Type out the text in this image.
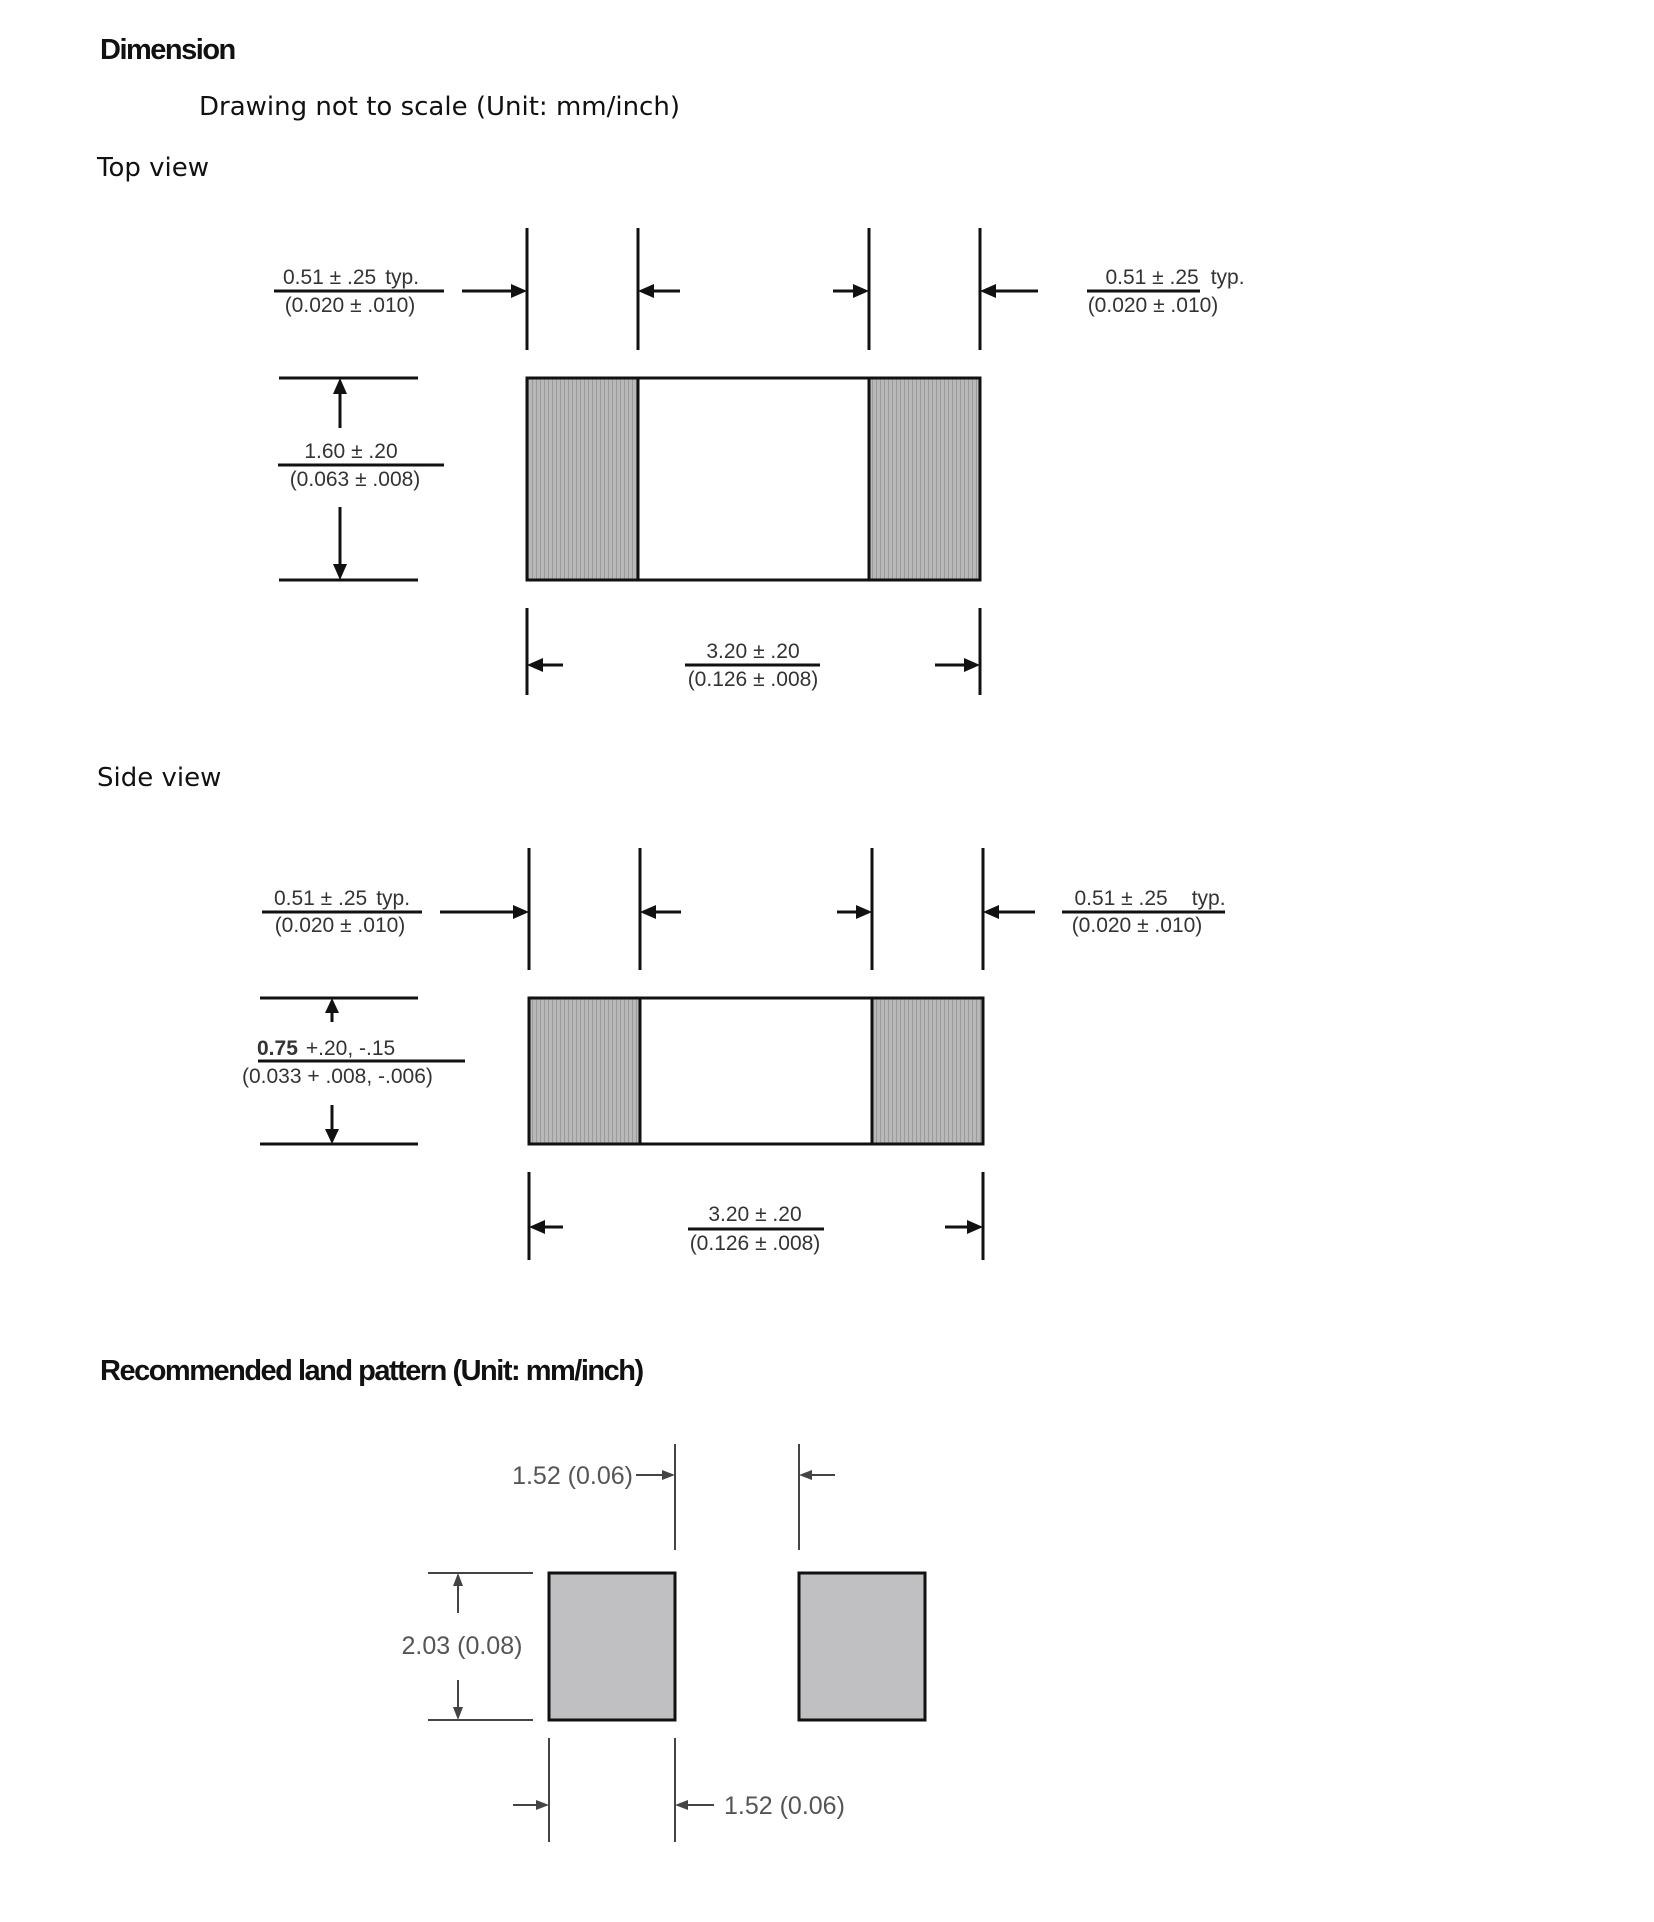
Dimension
Drawing not to scale (Unit: mm/inch)
Top view
Side view
Recommended land pattern (Unit: mm/inch)
0.51 ± .25 typ.
(0.020 ± .010)
0.51 ± .25 typ.
(0.020 ± .010)
1.60 ± .20
(0.063 ± .008)
3.20 ± .20
(0.126 ± .008)
0.51 ± .25 typ.
(0.020 ± .010)
0.51 ± .25 typ.
(0.020 ± .010)
0.75 +.20, -.15
(0.033 + .008, -.006)
3.20 ± .20
(0.126 ± .008)
1.52 (0.06)
2.03 (0.08)
1.52 (0.06)
